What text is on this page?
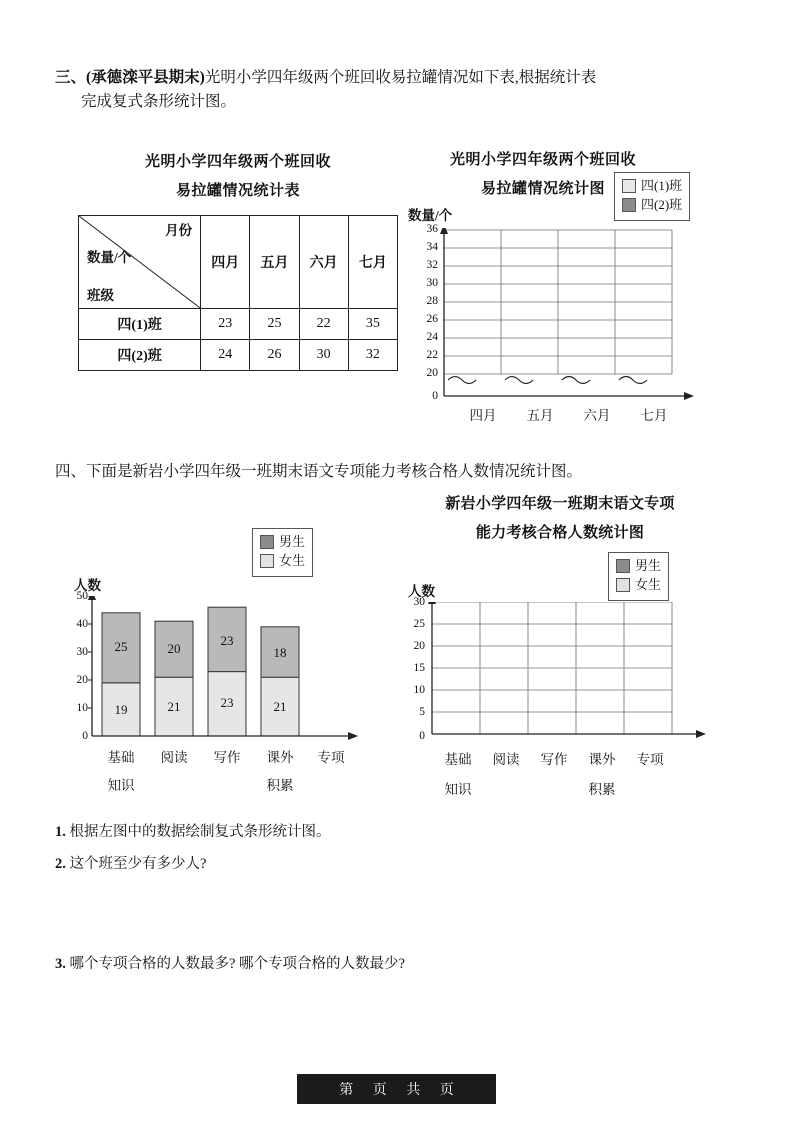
三、(承德滦平县期末)光明小学四年级两个班回收易拉罐情况如下表,根据统计表
完成复式条形统计图。
光明小学四年级两个班回收
易拉罐情况统计表
月份
数量/个
班级	四月	五月	六月	七月
四(1)班	23	25	22	35
四(2)班	24	26	30	32
光明小学四年级两个班回收
易拉罐情况统计图	四(1)班
四(2)班
数量/个
36
34
32
30
28
26
24
22
20
0
四月	五月	六月	七月
四、下面是新岩小学四年级一班期末语文专项能力考核合格人数情况统计图。
男生
女生
人数
50
40
30
20
10
0
25	20
23
18
19	21	23	21
基础	阅读	写作	课外	专项
知识	积累
新岩小学四年级一班期末语文专项
能力考核合格人数统计图
男生
女生
人数
30
25
20
15
10
5
0
基础	阅读	写作	课外	专项
知识	积累
1. 根据左图中的数据绘制复式条形统计图。
2. 这个班至少有多少人?
3. 哪个专项合格的人数最多? 哪个专项合格的人数最少?
第 页 共 页
